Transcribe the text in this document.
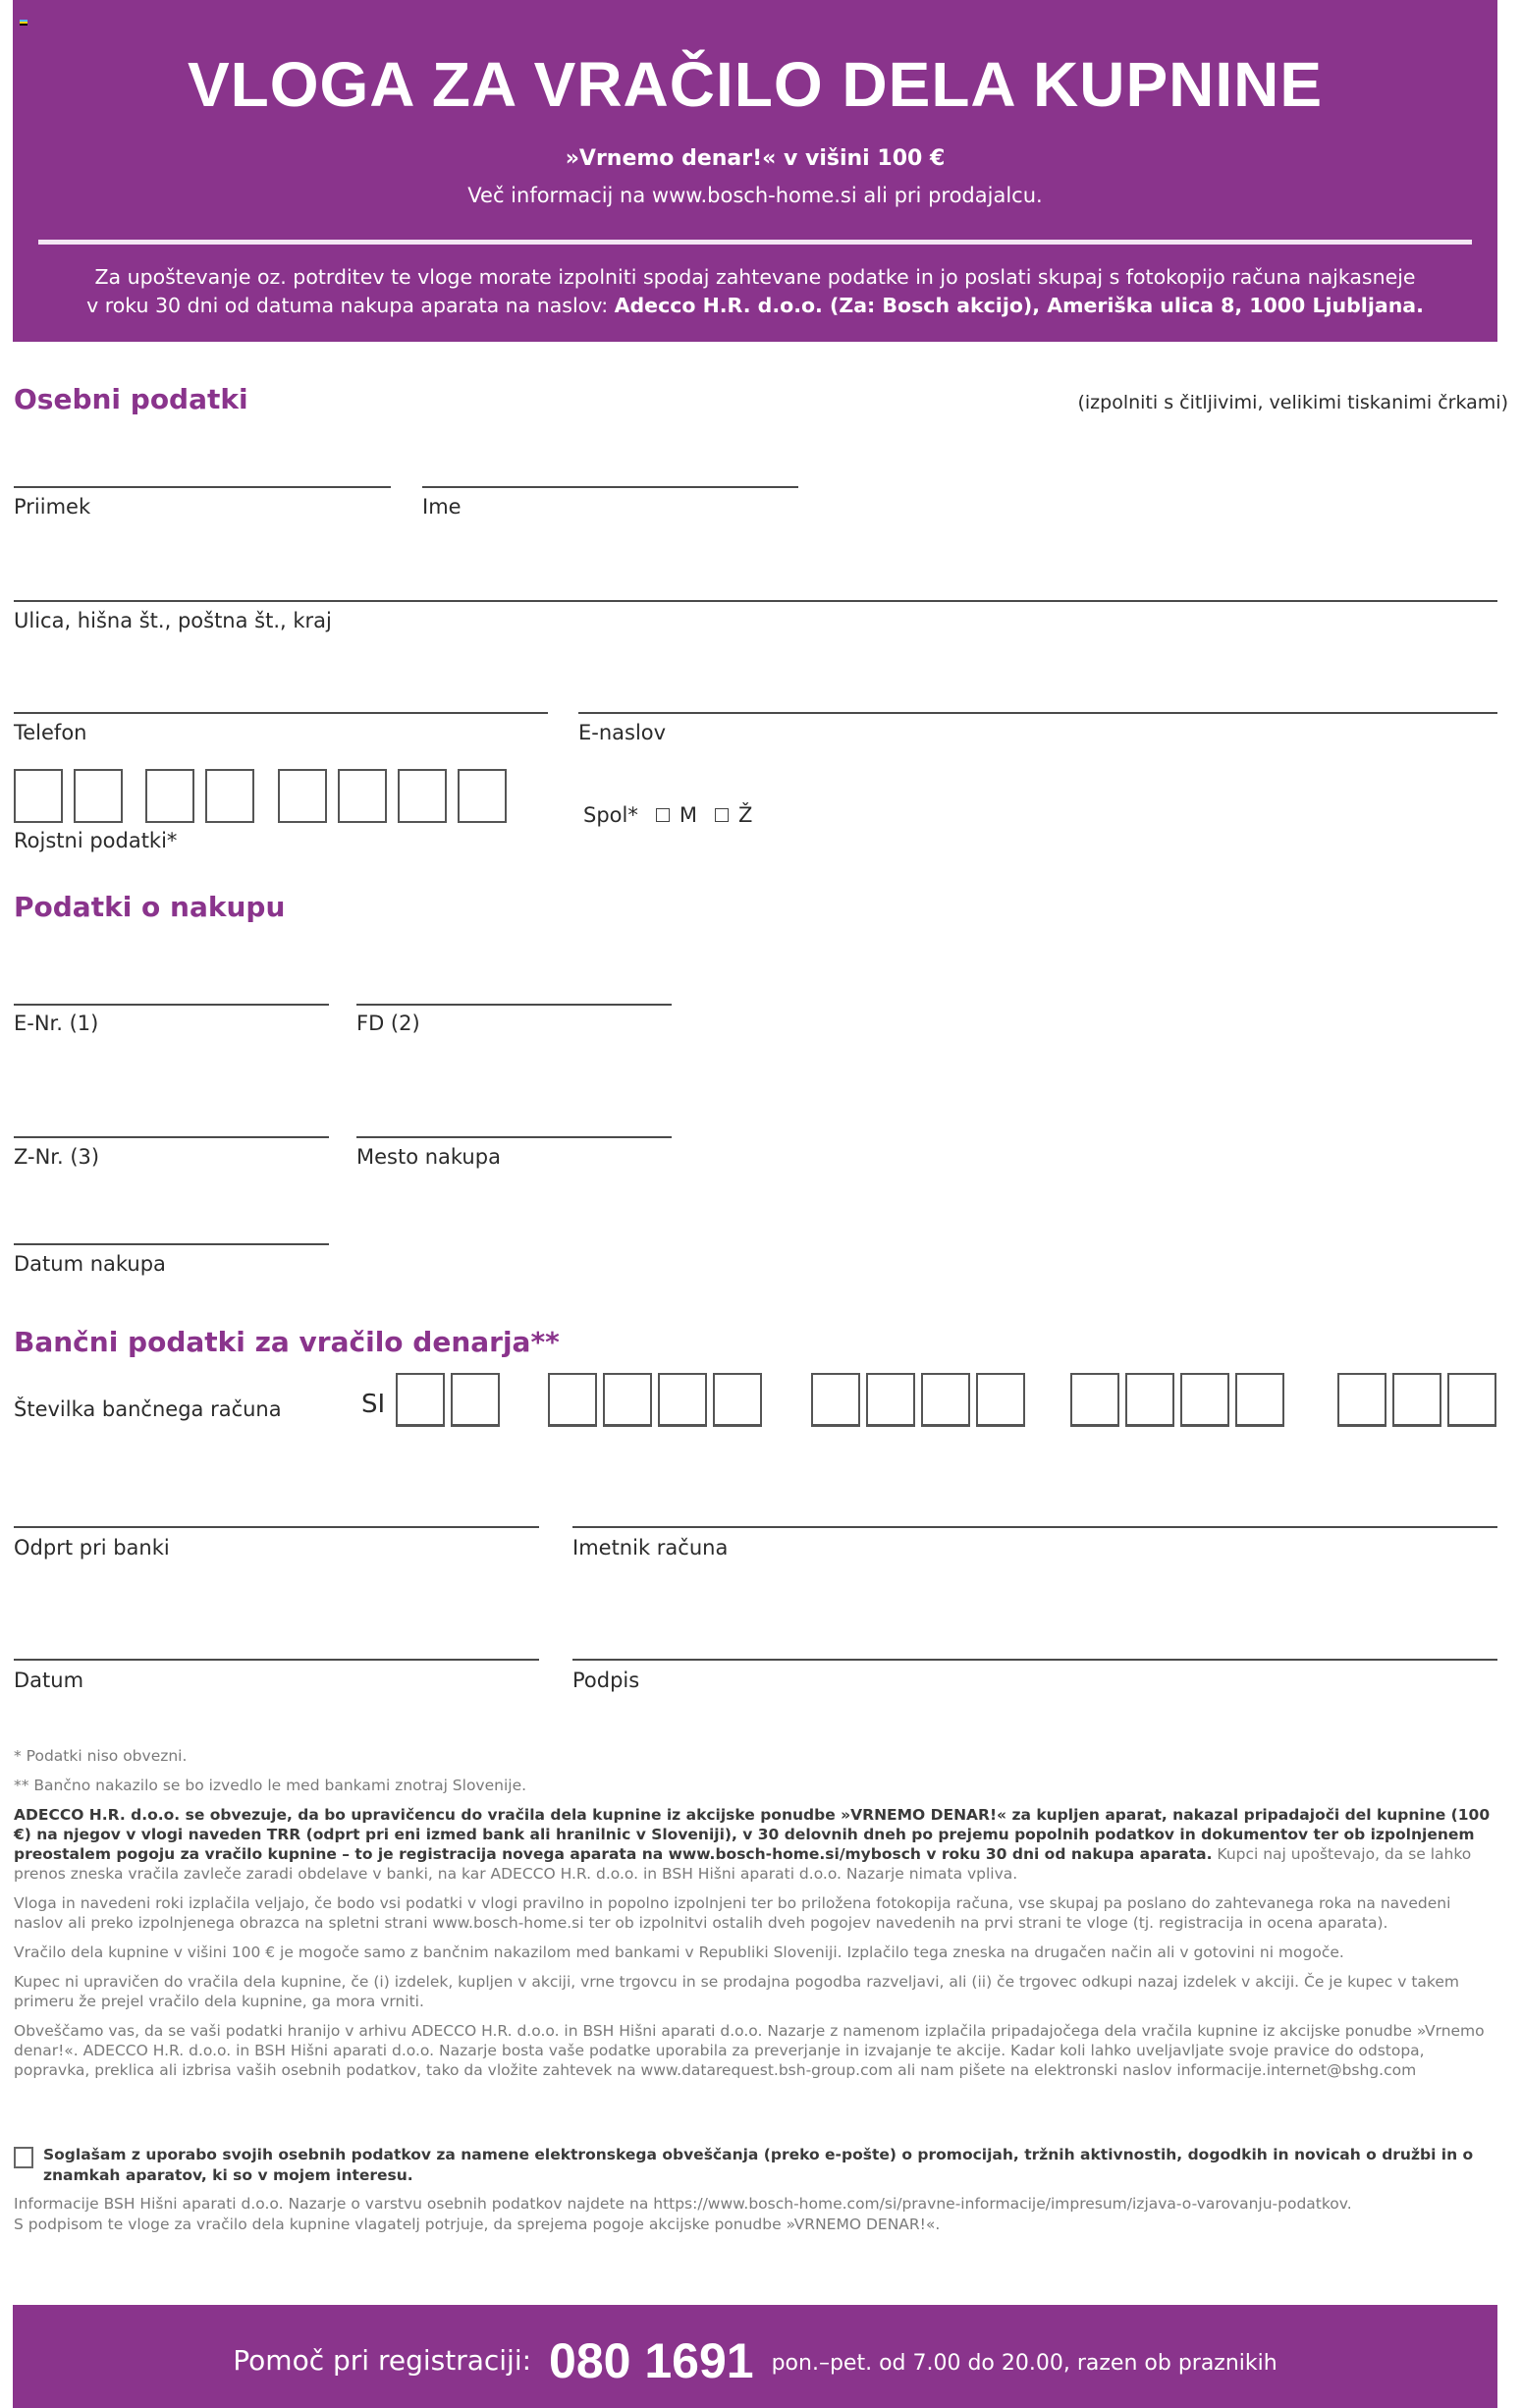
VLOGA ZA VRAČILO DELA KUPNINE
»Vrnemo denar!« v višini 100 €
Več informacij na www.bosch-home.si ali pri prodajalcu.
Za upoštevanje oz. potrditev te vloge morate izpolniti spodaj zahtevane podatke in jo poslati skupaj s fotokopijo računa najkasneje
v roku 30 dni od datuma nakupa aparata na naslov: Adecco H.R. d.o.o. (Za: Bosch akcijo), Ameriška ulica 8, 1000 Ljubljana.
Osebni podatki	(izpolniti s čitljivimi, velikimi tiskanimi črkami)
Priimek	Ime
Ulica, hišna št., poštna št., kraj
Telefon	E-naslov
Rojstni podatki*
Spol* M Ž
Podatki o nakupu
E-Nr. (1)	FD (2)
Z-Nr. (3)	Mesto nakupa
Datum nakupa
Bančni podatki za vračilo denarja**
Številka bančnega računa	SI
Odprt pri banki	Imetnik računa
Datum	Podpis

* Podatki niso obvezni.

** Bančno nakazilo se bo izvedlo le med bankami znotraj Slovenije.

ADECCO H.R. d.o.o. se obvezuje, da bo upravičencu do vračila dela kupnine iz akcijske ponudbe »VRNEMO DENAR!« za kupljen aparat, nakazal pripadajoči del kupnine (100 €) na njegov v vlogi naveden TRR (odprt pri eni izmed bank ali hranilnic v Sloveniji), v 30 delovnih dneh po prejemu popolnih podatkov in dokumentov ter ob izpolnjenem preostalem pogoju za vračilo kupnine – to je registracija novega aparata na www.bosch-home.si/mybosch v roku 30 dni od nakupa aparata. Kupci naj upoštevajo, da se lahko prenos zneska vračila zavleče zaradi obdelave v banki, na kar ADECCO H.R. d.o.o. in BSH Hišni aparati d.o.o. Nazarje nimata vpliva.

Vloga in navedeni roki izplačila veljajo, če bodo vsi podatki v vlogi pravilno in popolno izpolnjeni ter bo priložena fotokopija računa, vse skupaj pa poslano do zahtevanega roka na navedeni naslov ali preko izpolnjenega obrazca na spletni strani www.bosch-home.si ter ob izpolnitvi ostalih dveh pogojev navedenih na prvi strani te vloge (tj. registracija in ocena aparata).

Vračilo dela kupnine v višini 100 € je mogoče samo z bančnim nakazilom med bankami v Republiki Sloveniji. Izplačilo tega zneska na drugačen način ali v gotovini ni mogoče.

Kupec ni upravičen do vračila dela kupnine, če (i) izdelek, kupljen v akciji, vrne trgovcu in se prodajna pogodba razveljavi, ali (ii) če trgovec odkupi nazaj izdelek v akciji. Če je kupec v takem primeru že prejel vračilo dela kupnine, ga mora vrniti.

Obveščamo vas, da se vaši podatki hranijo v arhivu ADECCO H.R. d.o.o. in BSH Hišni aparati d.o.o. Nazarje z namenom izplačila pripadajočega dela vračila kupnine iz akcijske ponudbe »Vrnemo denar!«. ADECCO H.R. d.o.o. in BSH Hišni aparati d.o.o. Nazarje bosta vaše podatke uporabila za preverjanje in izvajanje te akcije. Kadar koli lahko uveljavljate svoje pravice do odstopa, popravka, preklica ali izbrisa vaših osebnih podatkov, tako da vložite zahtevek na www.datarequest.bsh-group.com ali nam pišete na elektronski naslov informacije.internet@bshg.com

Soglašam z uporabo svojih osebnih podatkov za namene elektronskega obveščanja (preko e-pošte) o promocijah, tržnih aktivnostih, dogodkih in novicah o družbi in o znamkah aparatov, ki so v mojem interesu.
Informacije BSH Hišni aparati d.o.o. Nazarje o varstvu osebnih podatkov najdete na https://www.bosch-home.com/si/pravne-informacije/impresum/izjava-o-varovanju-podatkov.
S podpisom te vloge za vračilo dela kupnine vlagatelj potrjuje, da sprejema pogoje akcijske ponudbe »VRNEMO DENAR!«.
Pomoč pri registraciji: 080 1691 pon.–pet. od 7.00 do 20.00, razen ob praznikih
